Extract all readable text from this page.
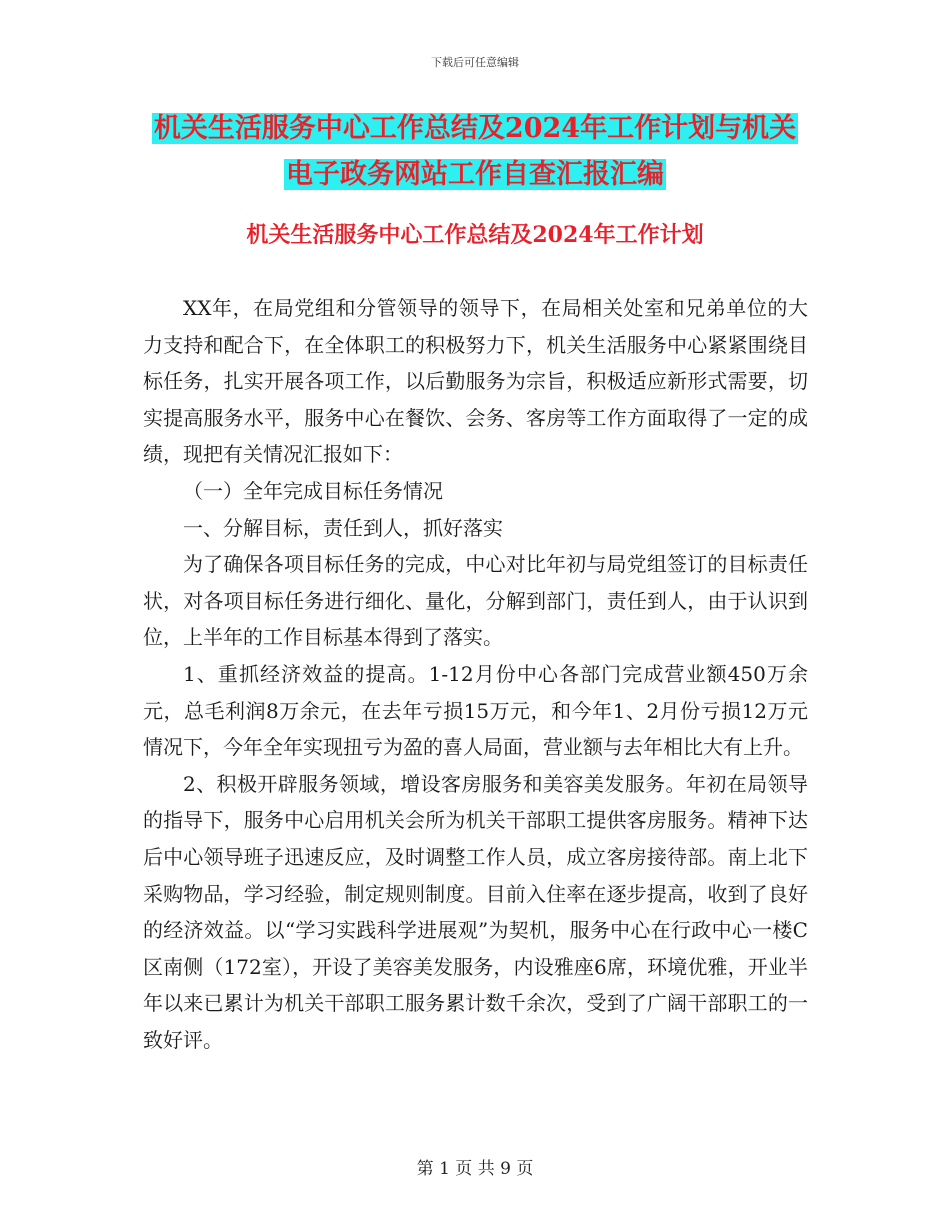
下载后可任意编辑
机关生活服务中心工作总结及2024年工作计划与机关
电子政务网站工作自查汇报汇编
机关生活服务中心工作总结及2024年工作计划

XX年，在局党组和分管领导的领导下，在局相关处室和兄弟单位的大力支持和配合下，在全体职工的积极努力下，机关生活服务中心紧紧围绕目标任务，扎实开展各项工作，以后勤服务为宗旨，积极适应新形式需要，切实提高服务水平，服务中心在餐饮、会务、客房等工作方面取得了一定的成绩，现把有关情况汇报如下：

（一）全年完成目标任务情况

一、分解目标，责任到人，抓好落实

为了确保各项目标任务的完成，中心对比年初与局党组签订的目标责任状，对各项目标任务进行细化、量化，分解到部门，责任到人，由于认识到位，上半年的工作目标基本得到了落实。

1、重抓经济效益的提高。1-12月份中心各部门完成营业额450万余元，总毛利润8万余元，在去年亏损15万元，和今年1、2月份亏损12万元情况下，今年全年实现扭亏为盈的喜人局面，营业额与去年相比大有上升。

2、积极开辟服务领域，增设客房服务和美容美发服务。年初在局领导的指导下，服务中心启用机关会所为机关干部职工提供客房服务。精神下达后中心领导班子迅速反应，及时调整工作人员，成立客房接待部。南上北下采购物品，学习经验，制定规则制度。目前入住率在逐步提高，收到了良好的经济效益。以“学习实践科学进展观”为契机，服务中心在行政中心一楼C区南侧（172室），开设了美容美发服务，内设雅座6席，环境优雅，开业半年以来已累计为机关干部职工服务累计数千余次，受到了广阔干部职工的一致好评。

第 1 页 共 9 页
